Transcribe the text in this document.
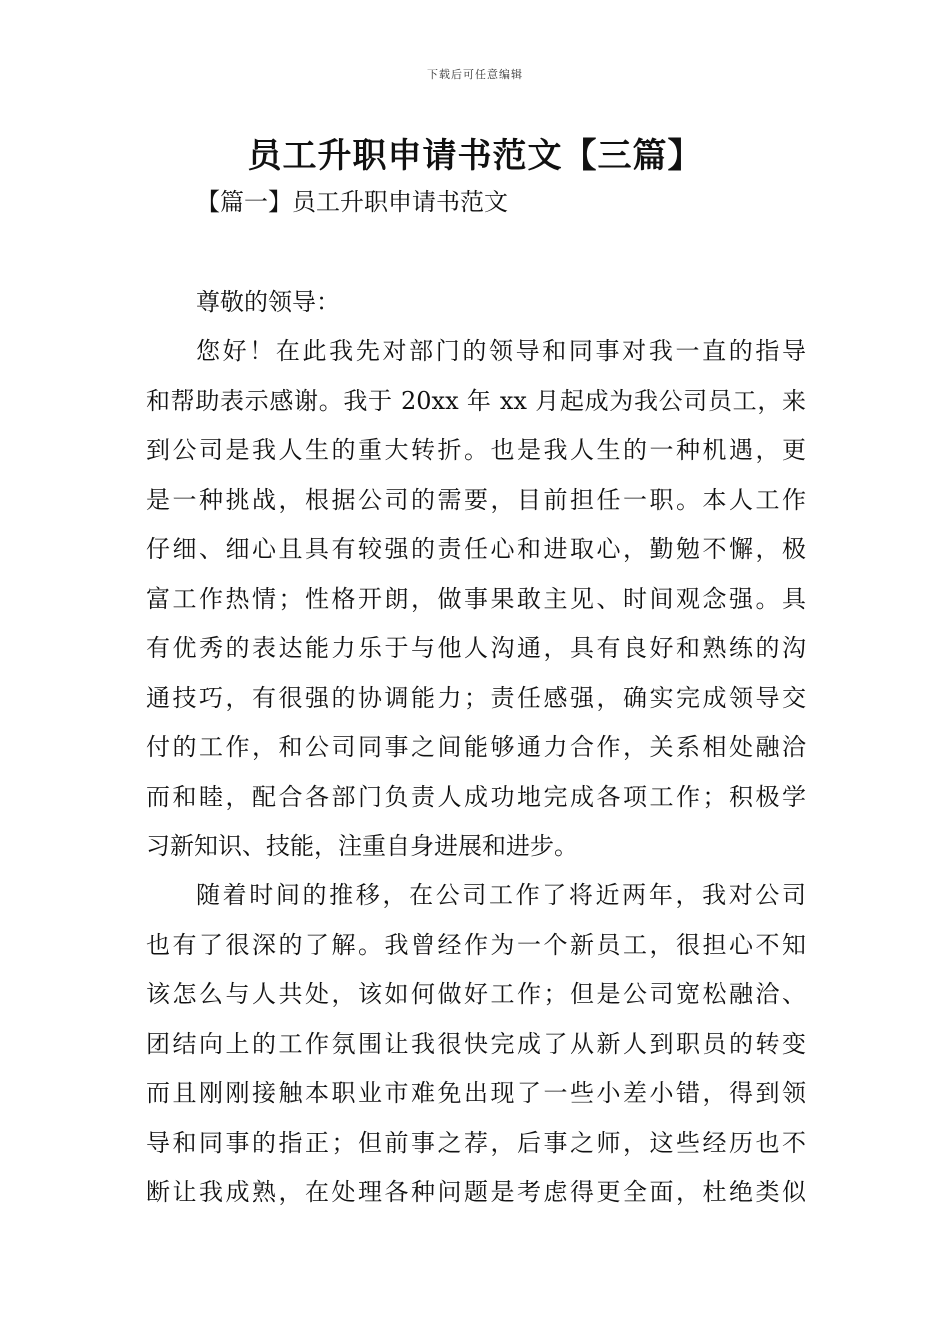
下载后可任意编辑
员工升职申请书范文【三篇】
【篇一】员工升职申请书范文

尊敬的领导：

您好！在此我先对部门的领导和同事对我一直的指导
和帮助表示感谢。我于 20xx 年 xx 月起成为我公司员工，来
到公司是我人生的重大转折。也是我人生的一种机遇，更
是一种挑战，根据公司的需要，目前担任一职。本人工作
仔细、细心且具有较强的责任心和进取心，勤勉不懈，极
富工作热情；性格开朗，做事果敢主见、时间观念强。具
有优秀的表达能力乐于与他人沟通，具有良好和熟练的沟
通技巧，有很强的协调能力；责任感强，确实完成领导交
付的工作，和公司同事之间能够通力合作，关系相处融洽
而和睦，配合各部门负责人成功地完成各项工作；积极学
习新知识、技能，注重自身进展和进步。
随着时间的推移，在公司工作了将近两年，我对公司
也有了很深的了解。我曾经作为一个新员工，很担心不知
该怎么与人共处，该如何做好工作；但是公司宽松融洽、
团结向上的工作氛围让我很快完成了从新人到职员的转变
而且刚刚接触本职业市难免出现了一些小差小错，得到领
导和同事的指正；但前事之荐，后事之师，这些经历也不
断让我成熟，在处理各种问题是考虑得更全面，杜绝类似
